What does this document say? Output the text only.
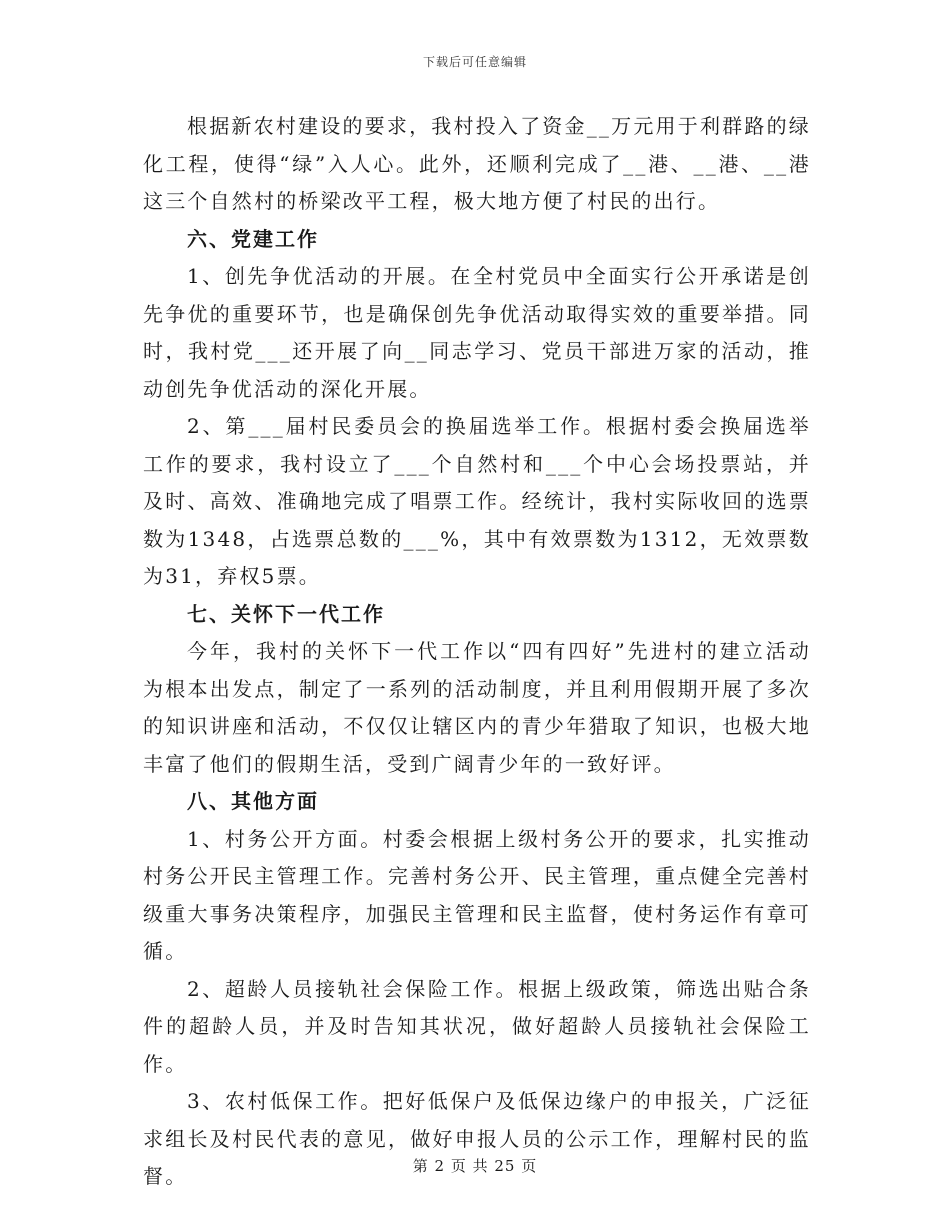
下载后可任意编辑

根据新农村建设的要求，我村投入了资金__万元用于利群路的绿化工程，使得“绿”入人心。此外，还顺利完成了__港、__港、__港这三个自然村的桥梁改平工程，极大地方便了村民的出行。

六、党建工作

1、创先争优活动的开展。在全村党员中全面实行公开承诺是创先争优的重要环节，也是确保创先争优活动取得实效的重要举措。同时，我村党___还开展了向__同志学习、党员干部进万家的活动，推动创先争优活动的深化开展。

2、第___届村民委员会的换届选举工作。根据村委会换届选举工作的要求，我村设立了___个自然村和___个中心会场投票站，并及时、高效、准确地完成了唱票工作。经统计，我村实际收回的选票数为1348，占选票总数的___%，其中有效票数为1312，无效票数为31，弃权5票。

七、关怀下一代工作

今年，我村的关怀下一代工作以“四有四好”先进村的建立活动为根本出发点，制定了一系列的活动制度，并且利用假期开展了多次的知识讲座和活动，不仅仅让辖区内的青少年猎取了知识，也极大地丰富了他们的假期生活，受到广阔青少年的一致好评。

八、其他方面

1、村务公开方面。村委会根据上级村务公开的要求，扎实推动村务公开民主管理工作。完善村务公开、民主管理，重点健全完善村级重大事务决策程序，加强民主管理和民主监督，使村务运作有章可循。

2、超龄人员接轨社会保险工作。根据上级政策，筛选出贴合条件的超龄人员，并及时告知其状况，做好超龄人员接轨社会保险工作。

3、农村低保工作。把好低保户及低保边缘户的申报关，广泛征求组长及村民代表的意见，做好申报人员的公示工作，理解村民的监督。	第 2 页 共 25 页
